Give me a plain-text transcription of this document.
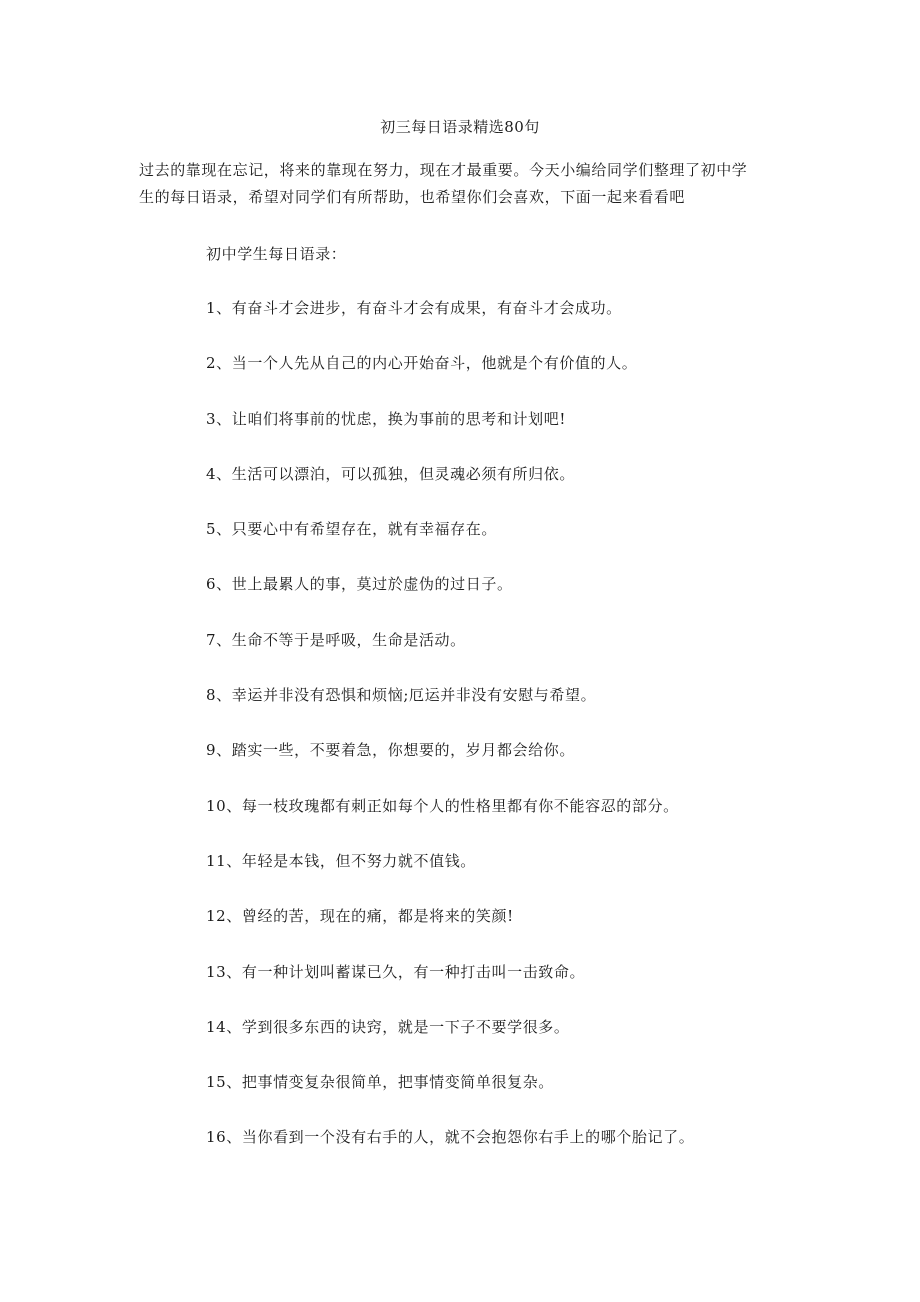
初三每日语录精选80句
过去的靠现在忘记，将来的靠现在努力，现在才最重要。今天小编给同学们整理了初中学
生的每日语录，希望对同学们有所帮助，也希望你们会喜欢，下面一起来看看吧
初中学生每日语录：
1、有奋斗才会进步，有奋斗才会有成果，有奋斗才会成功。
2、当一个人先从自己的内心开始奋斗，他就是个有价值的人。
3、让咱们将事前的忧虑，换为事前的思考和计划吧!
4、生活可以漂泊，可以孤独，但灵魂必须有所归依。
5、只要心中有希望存在，就有幸福存在。
6、世上最累人的事，莫过於虚伪的过日子。
7、生命不等于是呼吸，生命是活动。
8、幸运并非没有恐惧和烦恼;厄运并非没有安慰与希望。
9、踏实一些，不要着急，你想要的，岁月都会给你。
10、每一枝玫瑰都有刺正如每个人的性格里都有你不能容忍的部分。
11、年轻是本钱，但不努力就不值钱。
12、曾经的苦，现在的痛，都是将来的笑颜!
13、有一种计划叫蓄谋已久，有一种打击叫一击致命。
14、学到很多东西的诀窍，就是一下子不要学很多。
15、把事情变复杂很简单，把事情变简单很复杂。
16、当你看到一个没有右手的人，就不会抱怨你右手上的哪个胎记了。
